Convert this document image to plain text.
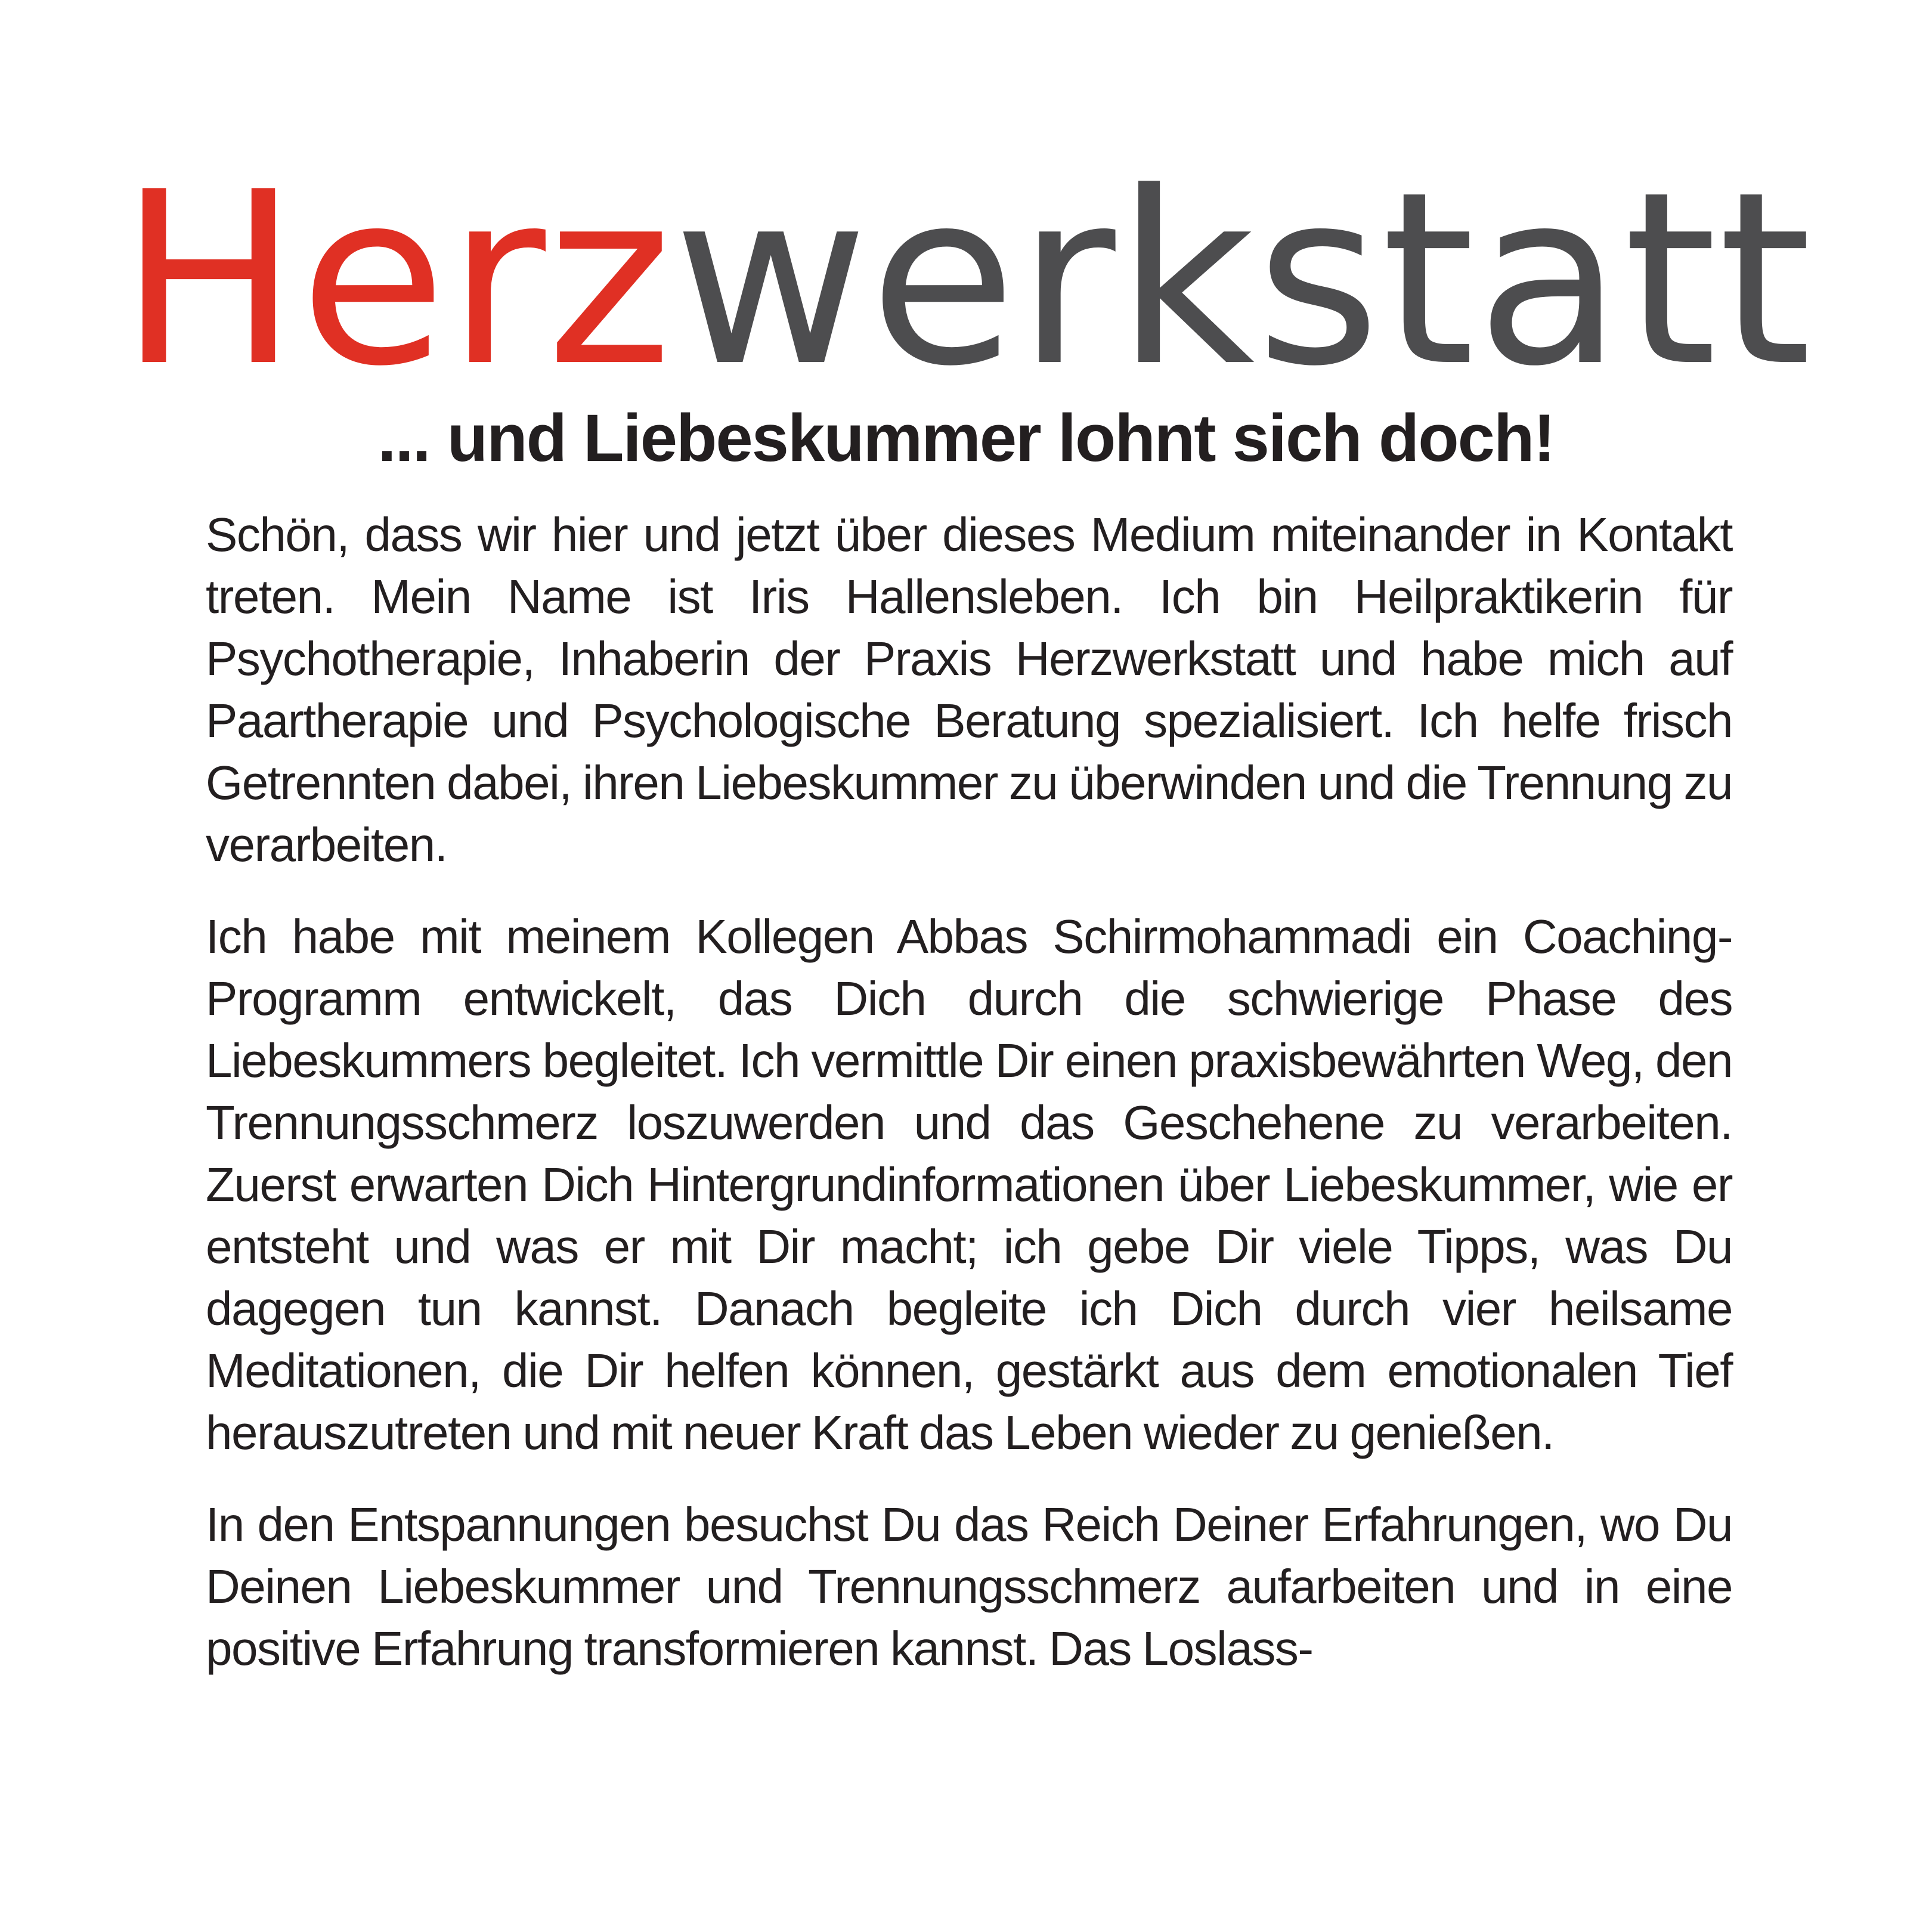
Herzwerkstatt
... und Liebeskummer lohnt sich doch!

Schön, dass wir hier und jetzt über dieses Medium miteinander in Kontakt treten. Mein Name ist Iris Hallensleben. Ich bin Heilpraktikerin für Psychotherapie, Inhaberin der Praxis Herzwerkstatt und habe mich auf Paartherapie und Psychologische Beratung spezialisiert. Ich helfe frisch Getrennten dabei, ihren Liebeskummer zu überwinden und die Trennung zu verarbeiten.

Ich habe mit meinem Kollegen Abbas Schirmohammadi ein Coaching-Programm entwickelt, das Dich durch die schwierige Phase des Liebeskummers begleitet. Ich vermittle Dir einen praxisbewährten Weg, den Trennungsschmerz loszuwerden und das Geschehene zu verarbeiten. Zuerst erwarten Dich Hintergrundinformationen über Liebeskummer, wie er entsteht und was er mit Dir macht; ich gebe Dir viele Tipps, was Du dagegen tun kannst. Danach begleite ich Dich durch vier heilsame Meditationen, die Dir helfen können, gestärkt aus dem emotionalen Tief herauszutreten und mit neuer Kraft das Leben wieder zu genießen.

In den Entspannungen besuchst Du das Reich Deiner Erfahrungen, wo Du Deinen Liebeskummer und Trennungsschmerz aufarbeiten und in eine positive Erfahrung transformieren kannst. Das Loslass-
